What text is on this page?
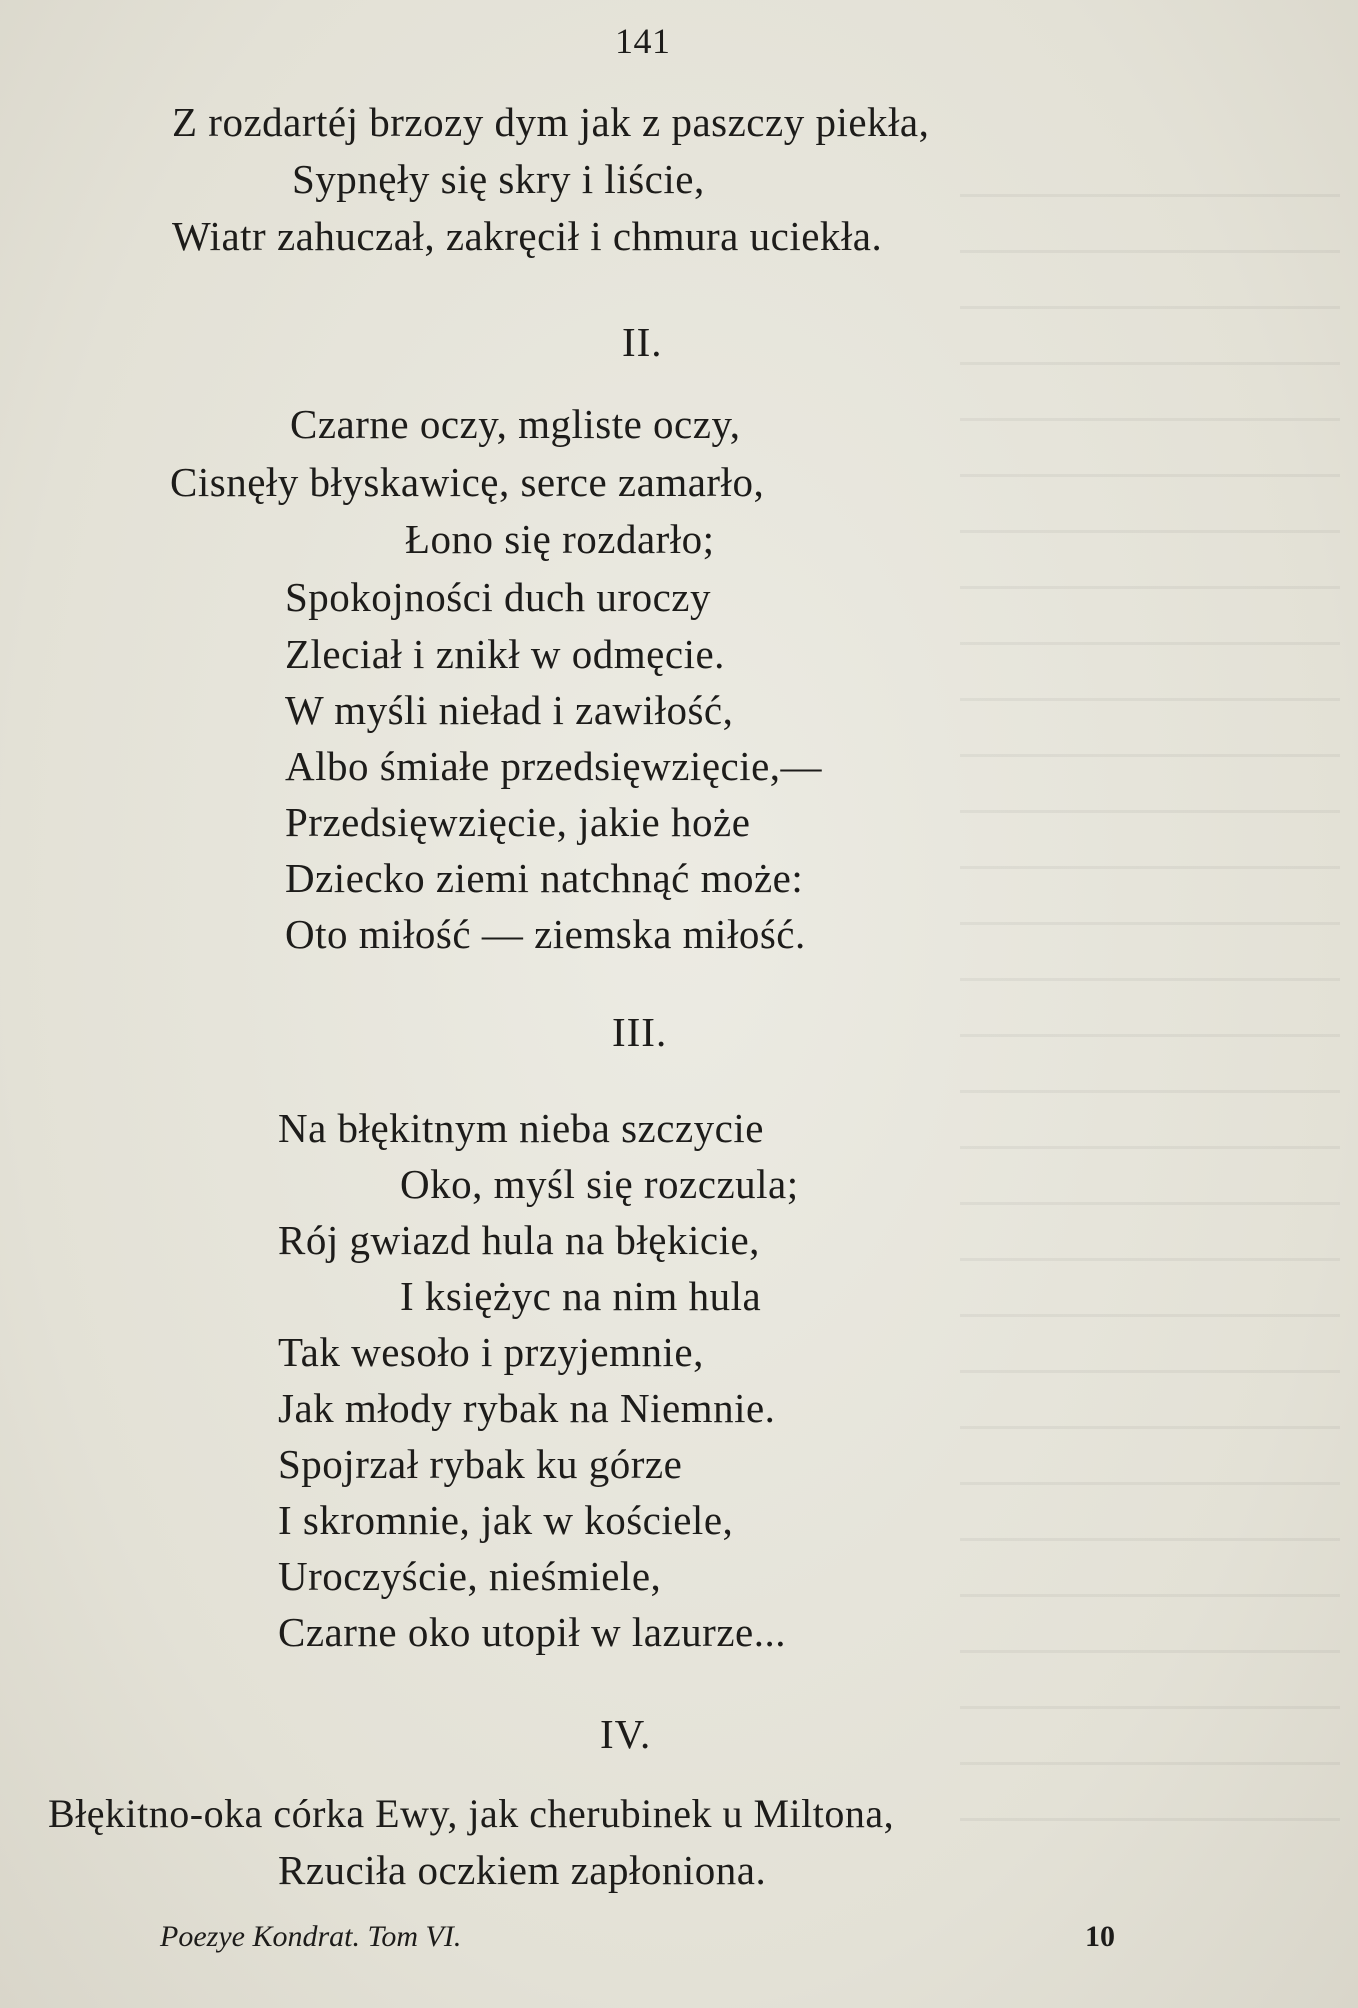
141
Z rozdartéj brzozy dym jak z paszczy piekła,
Sypnęły się skry i liście,
Wiatr zahuczał, zakręcił i chmura uciekła.
II.
Czarne oczy, mgliste oczy,
Cisnęły błyskawicę, serce zamarło,
Łono się rozdarło;
Spokojności duch uroczy
Zleciał i znikł w odmęcie.
W myśli nieład i zawiłość,
Albo śmiałe przedsięwzięcie,—
Przedsięwzięcie, jakie hoże
Dziecko ziemi natchnąć może:
Oto miłość — ziemska miłość.
III.
Na błękitnym nieba szczycie
Oko, myśl się rozczula;
Rój gwiazd hula na błękicie,
I księżyc na nim hula
Tak wesoło i przyjemnie,
Jak młody rybak na Niemnie.
Spojrzał rybak ku górze
I skromnie, jak w kościele,
Uroczyście, nieśmiele,
Czarne oko utopił w lazurze...
IV.
Błękitno-oka córka Ewy, jak cherubinek u Miltona,
Rzuciła oczkiem zapłoniona.
Poezye Kondrat. Tom VI.	10
